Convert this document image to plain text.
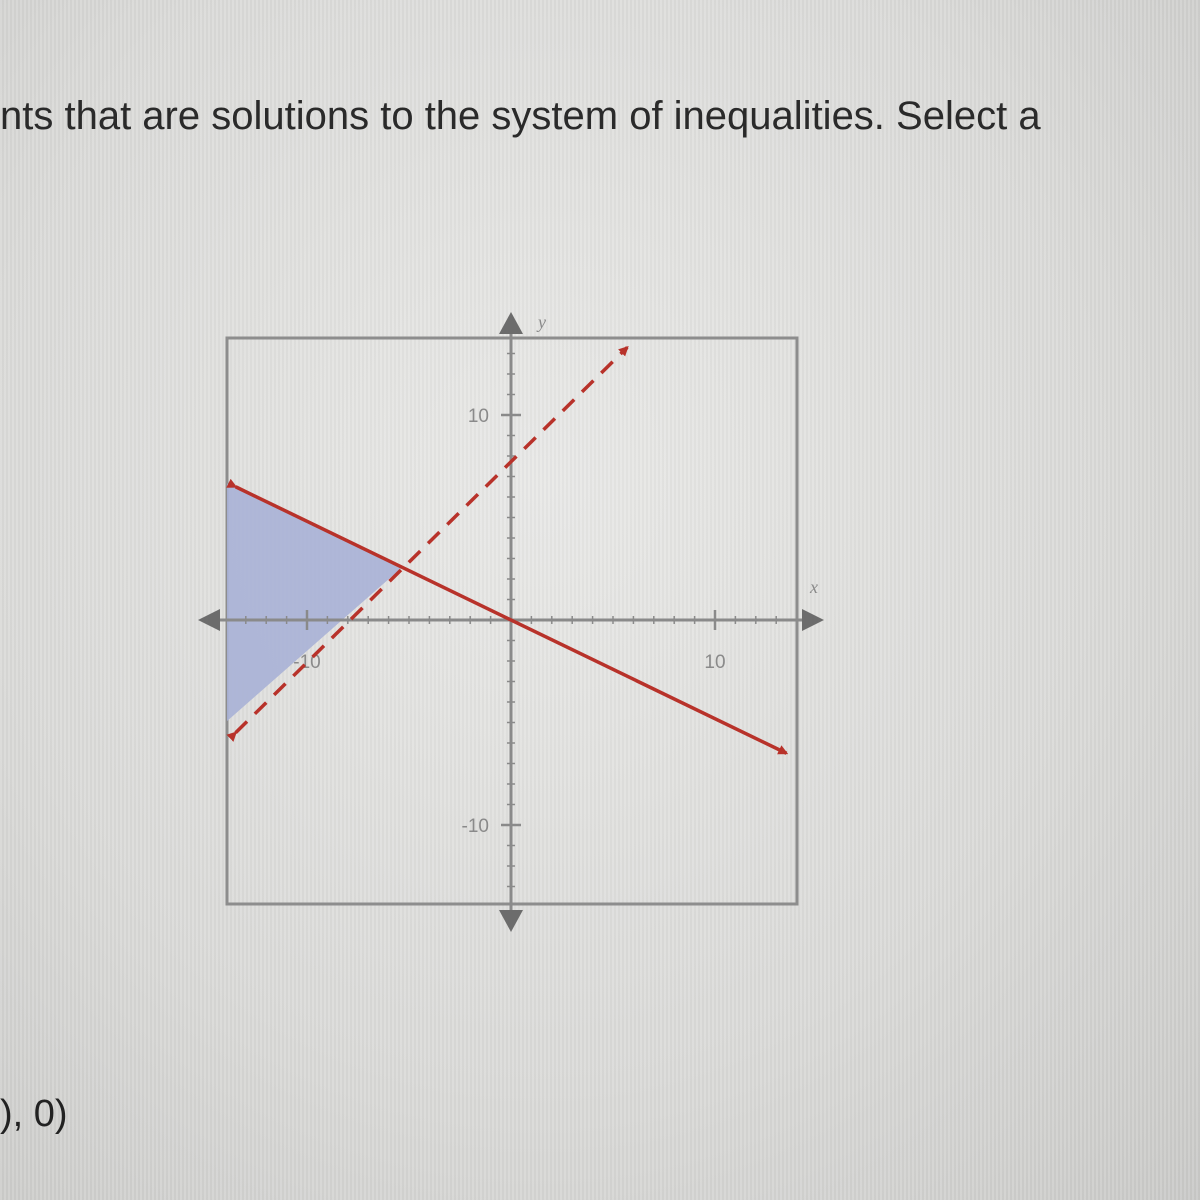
nts that are solutions to the system of inequalities. Select a

-10	10
10
-10
x
y
), 0)
